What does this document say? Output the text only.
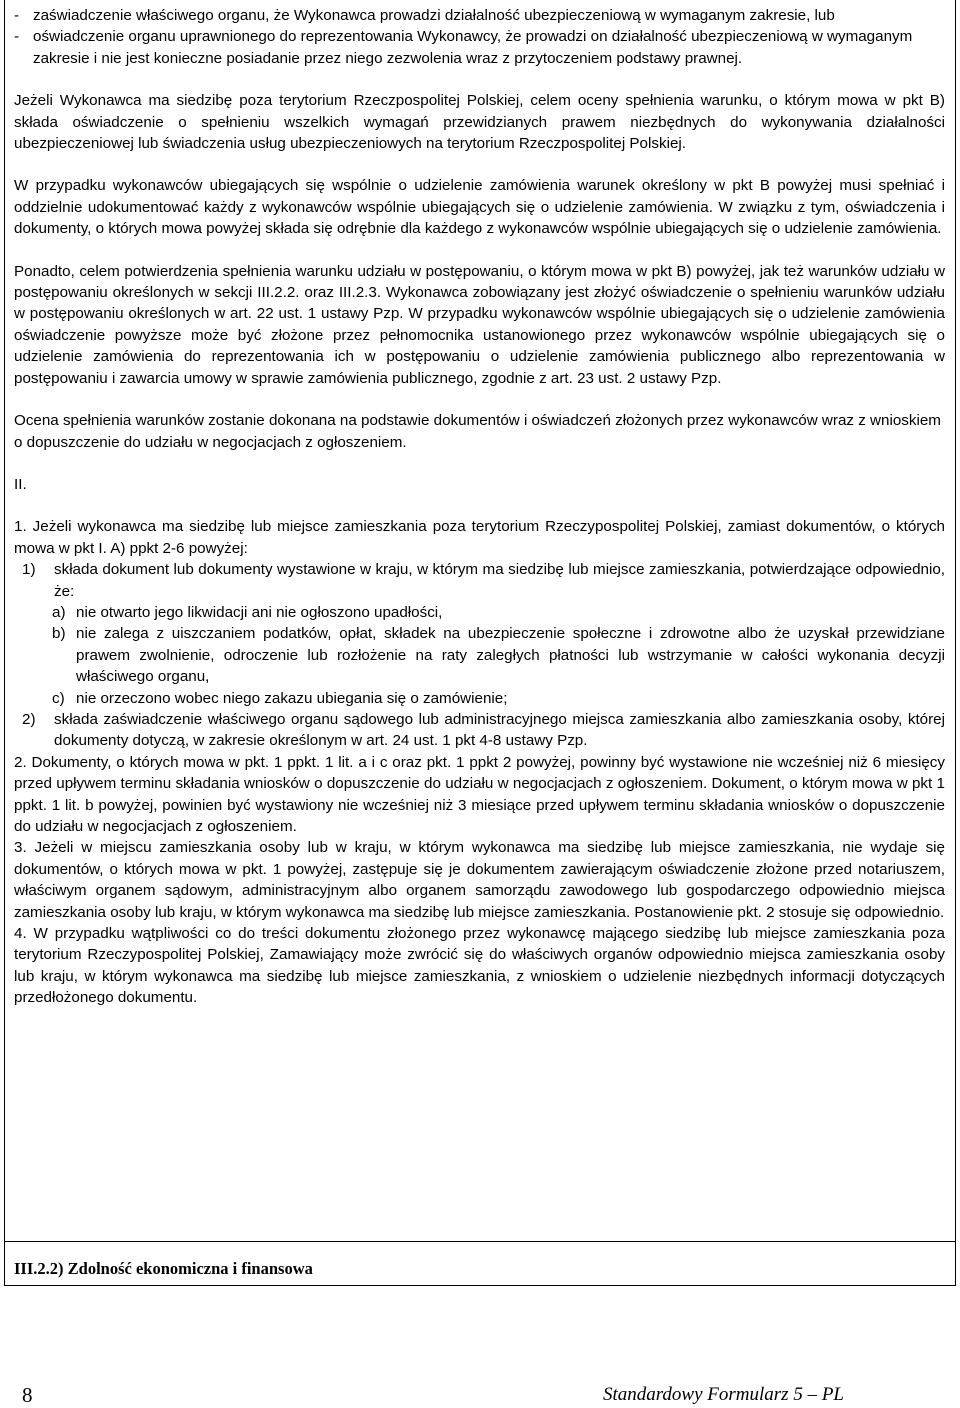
- zaświadczenie właściwego organu, że Wykonawca prowadzi działalność ubezpieczeniową w wymaganym zakresie, lub
- oświadczenie organu uprawnionego do reprezentowania Wykonawcy, że prowadzi on działalność ubezpieczeniową w wymaganym zakresie i nie jest konieczne posiadanie przez niego zezwolenia wraz z przytoczeniem podstawy prawnej.

Jeżeli Wykonawca ma siedzibę poza terytorium Rzeczpospolitej Polskiej, celem oceny spełnienia warunku, o którym mowa w pkt B) składa oświadczenie o spełnieniu wszelkich wymagań przewidzianych prawem niezbędnych do wykonywania działalności ubezpieczeniowej lub świadczenia usług ubezpieczeniowych na terytorium Rzeczpospolitej Polskiej.

W przypadku wykonawców ubiegających się wspólnie o udzielenie zamówienia warunek określony w pkt B powyżej musi spełniać i oddzielnie udokumentować każdy z wykonawców wspólnie ubiegających się o udzielenie zamówienia. W związku z tym, oświadczenia i dokumenty, o których mowa powyżej składa się odrębnie dla każdego z wykonawców wspólnie ubiegających się o udzielenie zamówienia.

Ponadto, celem potwierdzenia spełnienia warunku udziału w postępowaniu, o którym mowa w pkt B) powyżej, jak też warunków udziału w postępowaniu określonych w sekcji III.2.2. oraz III.2.3. Wykonawca zobowiązany jest złożyć oświadczenie o spełnieniu warunków udziału w postępowaniu określonych w art. 22 ust. 1 ustawy Pzp. W przypadku wykonawców wspólnie ubiegających się o udzielenie zamówienia oświadczenie powyższe może być złożone przez pełnomocnika ustanowionego przez wykonawców wspólnie ubiegających się o udzielenie zamówienia do reprezentowania ich w postępowaniu o udzielenie zamówienia publicznego albo reprezentowania w postępowaniu i zawarcia umowy w sprawie zamówienia publicznego, zgodnie z art. 23 ust. 2 ustawy Pzp.

Ocena spełnienia warunków zostanie dokonana na podstawie dokumentów i oświadczeń złożonych przez wykonawców wraz z wnioskiem o dopuszczenie do udziału w negocjacjach z ogłoszeniem.

II.

1. Jeżeli wykonawca ma siedzibę lub miejsce zamieszkania poza terytorium Rzeczypospolitej Polskiej, zamiast dokumentów, o których mowa w pkt I. A) ppkt 2-6 powyżej:

1)	składa dokument lub dokumenty wystawione w kraju, w którym ma siedzibę lub miejsce zamieszkania, potwierdzające odpowiednio, że:
a) nie otwarto jego likwidacji ani nie ogłoszono upadłości,
b) nie zalega z uiszczaniem podatków, opłat, składek na ubezpieczenie społeczne i zdrowotne albo że uzyskał przewidziane prawem zwolnienie, odroczenie lub rozłożenie na raty zaległych płatności lub wstrzymanie w całości wykonania decyzji właściwego organu,
c) nie orzeczono wobec niego zakazu ubiegania się o zamówienie;
2)	składa zaświadczenie właściwego organu sądowego lub administracyjnego miejsca zamieszkania albo zamieszkania osoby, której dokumenty dotyczą, w zakresie określonym w art. 24 ust. 1 pkt 4-8 ustawy Pzp.

2. Dokumenty, o których mowa w pkt. 1 ppkt. 1 lit. a i c oraz pkt. 1 ppkt 2 powyżej, powinny być wystawione nie wcześniej niż 6 miesięcy przed upływem terminu składania wniosków o dopuszczenie do udziału w negocjacjach z ogłoszeniem. Dokument, o którym mowa w pkt 1 ppkt. 1 lit. b powyżej, powinien być wystawiony nie wcześniej niż 3 miesiące przed upływem terminu składania wniosków o dopuszczenie do udziału w negocjacjach z ogłoszeniem.

3. Jeżeli w miejscu zamieszkania osoby lub w kraju, w którym wykonawca ma siedzibę lub miejsce zamieszkania, nie wydaje się dokumentów, o których mowa w pkt. 1 powyżej, zastępuje się je dokumentem zawierającym oświadczenie złożone przed notariuszem, właściwym organem sądowym, administracyjnym albo organem samorządu zawodowego lub gospodarczego odpowiednio miejsca zamieszkania osoby lub kraju, w którym wykonawca ma siedzibę lub miejsce zamieszkania. Postanowienie pkt. 2 stosuje się odpowiednio.

4. W przypadku wątpliwości co do treści dokumentu złożonego przez wykonawcę mającego siedzibę lub miejsce zamieszkania poza terytorium Rzeczypospolitej Polskiej, Zamawiający może zwrócić się do właściwych organów odpowiednio miejsca zamieszkania osoby lub kraju, w którym wykonawca ma siedzibę lub miejsce zamieszkania, z wnioskiem o udzielenie niezbędnych informacji dotyczących przedłożonego dokumentu.

III.2.2) Zdolność ekonomiczna i finansowa
8	Standardowy Formularz 5 – PL
